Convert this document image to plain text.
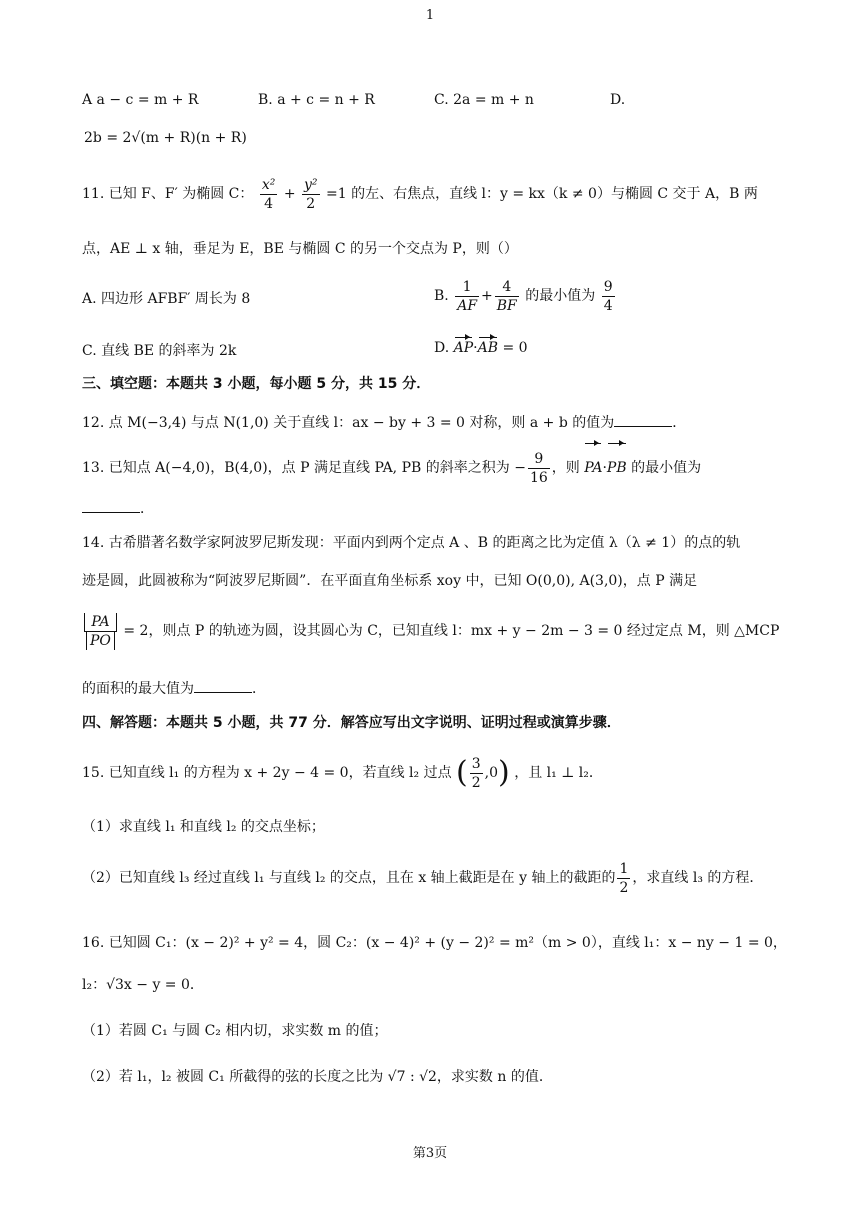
1
A a − c = m + R	B. a + c = n + R	C. 2a = m + n	D.
2b = 2√(m + R)(n + R)
11. 已知 F、F′ 为椭圆 C： $\frac{\text{x²}}{4} + \frac{\text{y²}}{2} =1$ 的左、右焦点，直线 l：y = kx（k ≠ 0）与椭圆 C 交于 A，B 两
点，AE ⊥ x 轴，垂足为 E，BE 与椭圆 C 的另一个交点为 P，则（）
A. 四边形 AFBF′ 周长为 8	B. $\frac{1}{AF} + \frac{4}{BF}$ 的最小值为 $\frac{9}{4}$
C. 直线 BE 的斜率为 2k	D. AP·AB = 0
三、填空题：本题共 3 小题，每小题 5 分，共 15 分．
12. 点 M(−3,4) 与点 N(1,0) 关于直线 l：ax − by + 3 = 0 对称，则 a + b 的值为	．
13. 已知点 A(−4,0)，B(4,0)，点 P 满足直线 PA, PB 的斜率之积为 − $\frac{9}{16}$ ，则 PA·PB 的最小值为
．
14. 古希腊著名数学家阿波罗尼斯发现：平面内到两个定点 A 、B 的距离之比为定值 λ（λ ≠ 1）的点的轨
迹是圆，此圆被称为“阿波罗尼斯圆”．在平面直角坐标系 xoy 中，已知 O(0,0), A(3,0)，点 P 满足
$\frac{PA}{PO} = 2$，则点 P 的轨迹为圆，设其圆心为 C，已知直线 l：mx + y − 2m − 3 = 0 经过定点 M，则 △MCP
的面积的最大值为	．
四、解答题：本题共 5 小题，共 77 分．解答应写出文字说明、证明过程或演算步骤．
15. 已知直线 l₁ 的方程为 x + 2y − 4 = 0，若直线 l₂ 过点 ( $\frac{3}{2} ,0$) ，且 l₁ ⊥ l₂．
（1）求直线 l₁ 和直线 l₂ 的交点坐标；
（2）已知直线 l₃ 经过直线 l₁ 与直线 l₂ 的交点，且在 x 轴上截距是在 y 轴上的截距的 $\frac{1}{2}$ ，求直线 l₃ 的方程．
16. 已知圆 C₁：(x − 2)² + y² = 4，圆 C₂：(x − 4)² + (y − 2)² = m²（m > 0），直线 l₁：x − ny − 1 = 0，
l₂：√3x − y = 0．
（1）若圆 C₁ 与圆 C₂ 相内切，求实数 m 的值；
（2）若 l₁，l₂ 被圆 C₁ 所截得的弦的长度之比为 √7 : √2，求实数 n 的值．
第3页
